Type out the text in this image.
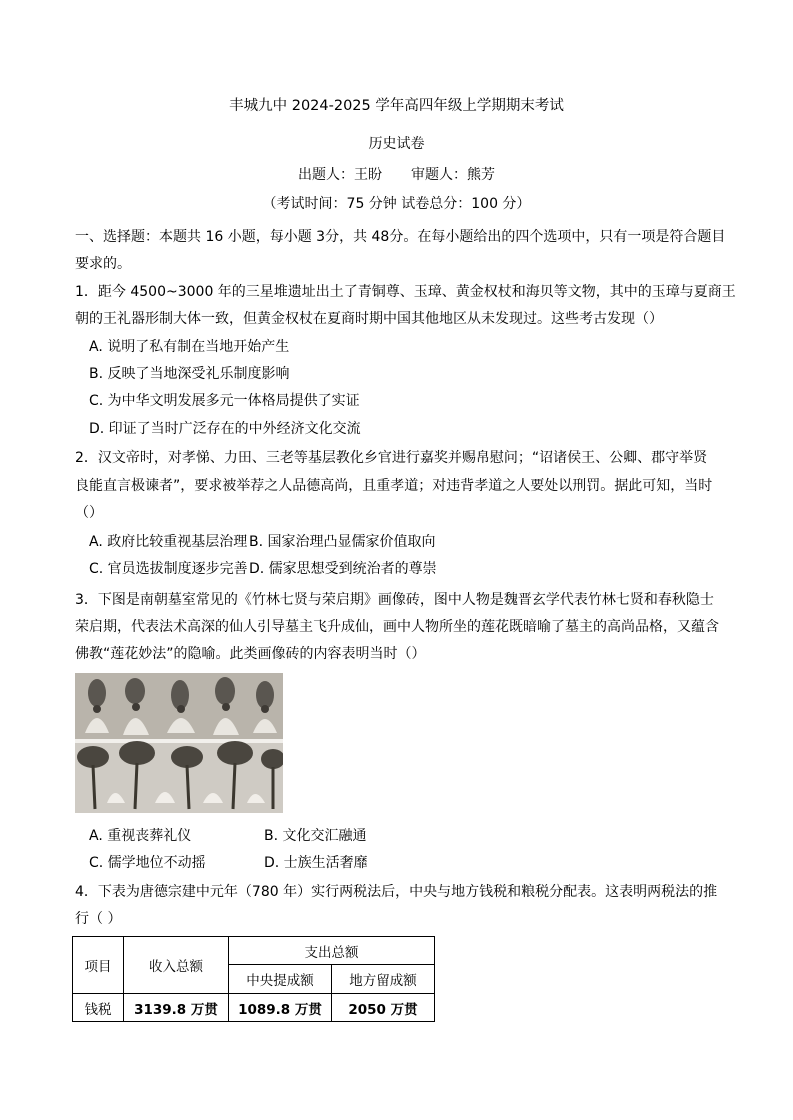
丰城九中 2024-2025 学年高四年级上学期期末考试
历史试卷
出题人：王盼 审题人：熊芳
（考试时间：75 分钟 试卷总分：100 分）
一、选择题：本题共 16 小题，每小题 3分，共 48分。在每小题给出的四个选项中，只有一项是符合题目
要求的。
1．距今 4500~3000 年的三星堆遗址出土了青铜尊、玉璋、黄金权杖和海贝等文物，其中的玉璋与夏商王
朝的王礼器形制大体一致，但黄金权杖在夏商时期中国其他地区从未发现过。这些考古发现（）
A. 说明了私有制在当地开始产生
B. 反映了当地深受礼乐制度影响
C. 为中华文明发展多元一体格局提供了实证
D. 印证了当时广泛存在的中外经济文化交流
2．汉文帝时，对孝悌、力田、三老等基层教化乡官进行嘉奖并赐帛慰问；“诏诸侯王、公卿、郡守举贤
良能直言极谏者”，要求被举荐之人品德高尚，且重孝道；对违背孝道之人要处以刑罚。据此可知，当时
（）
A. 政府比较重视基层治理 B. 国家治理凸显儒家价值取向
C. 官员选拔制度逐步完善 D. 儒家思想受到统治者的尊崇
3．下图是南朝墓室常见的《竹林七贤与荣启期》画像砖，图中人物是魏晋玄学代表竹林七贤和春秋隐士
荣启期，代表法术高深的仙人引导墓主飞升成仙，画中人物所坐的莲花既暗喻了墓主的高尚品格，又蕴含
佛教“莲花妙法”的隐喻。此类画像砖的内容表明当时（）
A. 重视丧葬礼仪	B. 文化交汇融通
C. 儒学地位不动摇	D. 士族生活奢靡
4．下表为唐德宗建中元年（780 年）实行两税法后，中央与地方钱税和粮税分配表。这表明两税法的推
行（ ）
项目	收入总额	支出总额	
		中央提成额	地方留成额
钱税	3139.8 万贯	1089.8 万贯	2050 万贯
